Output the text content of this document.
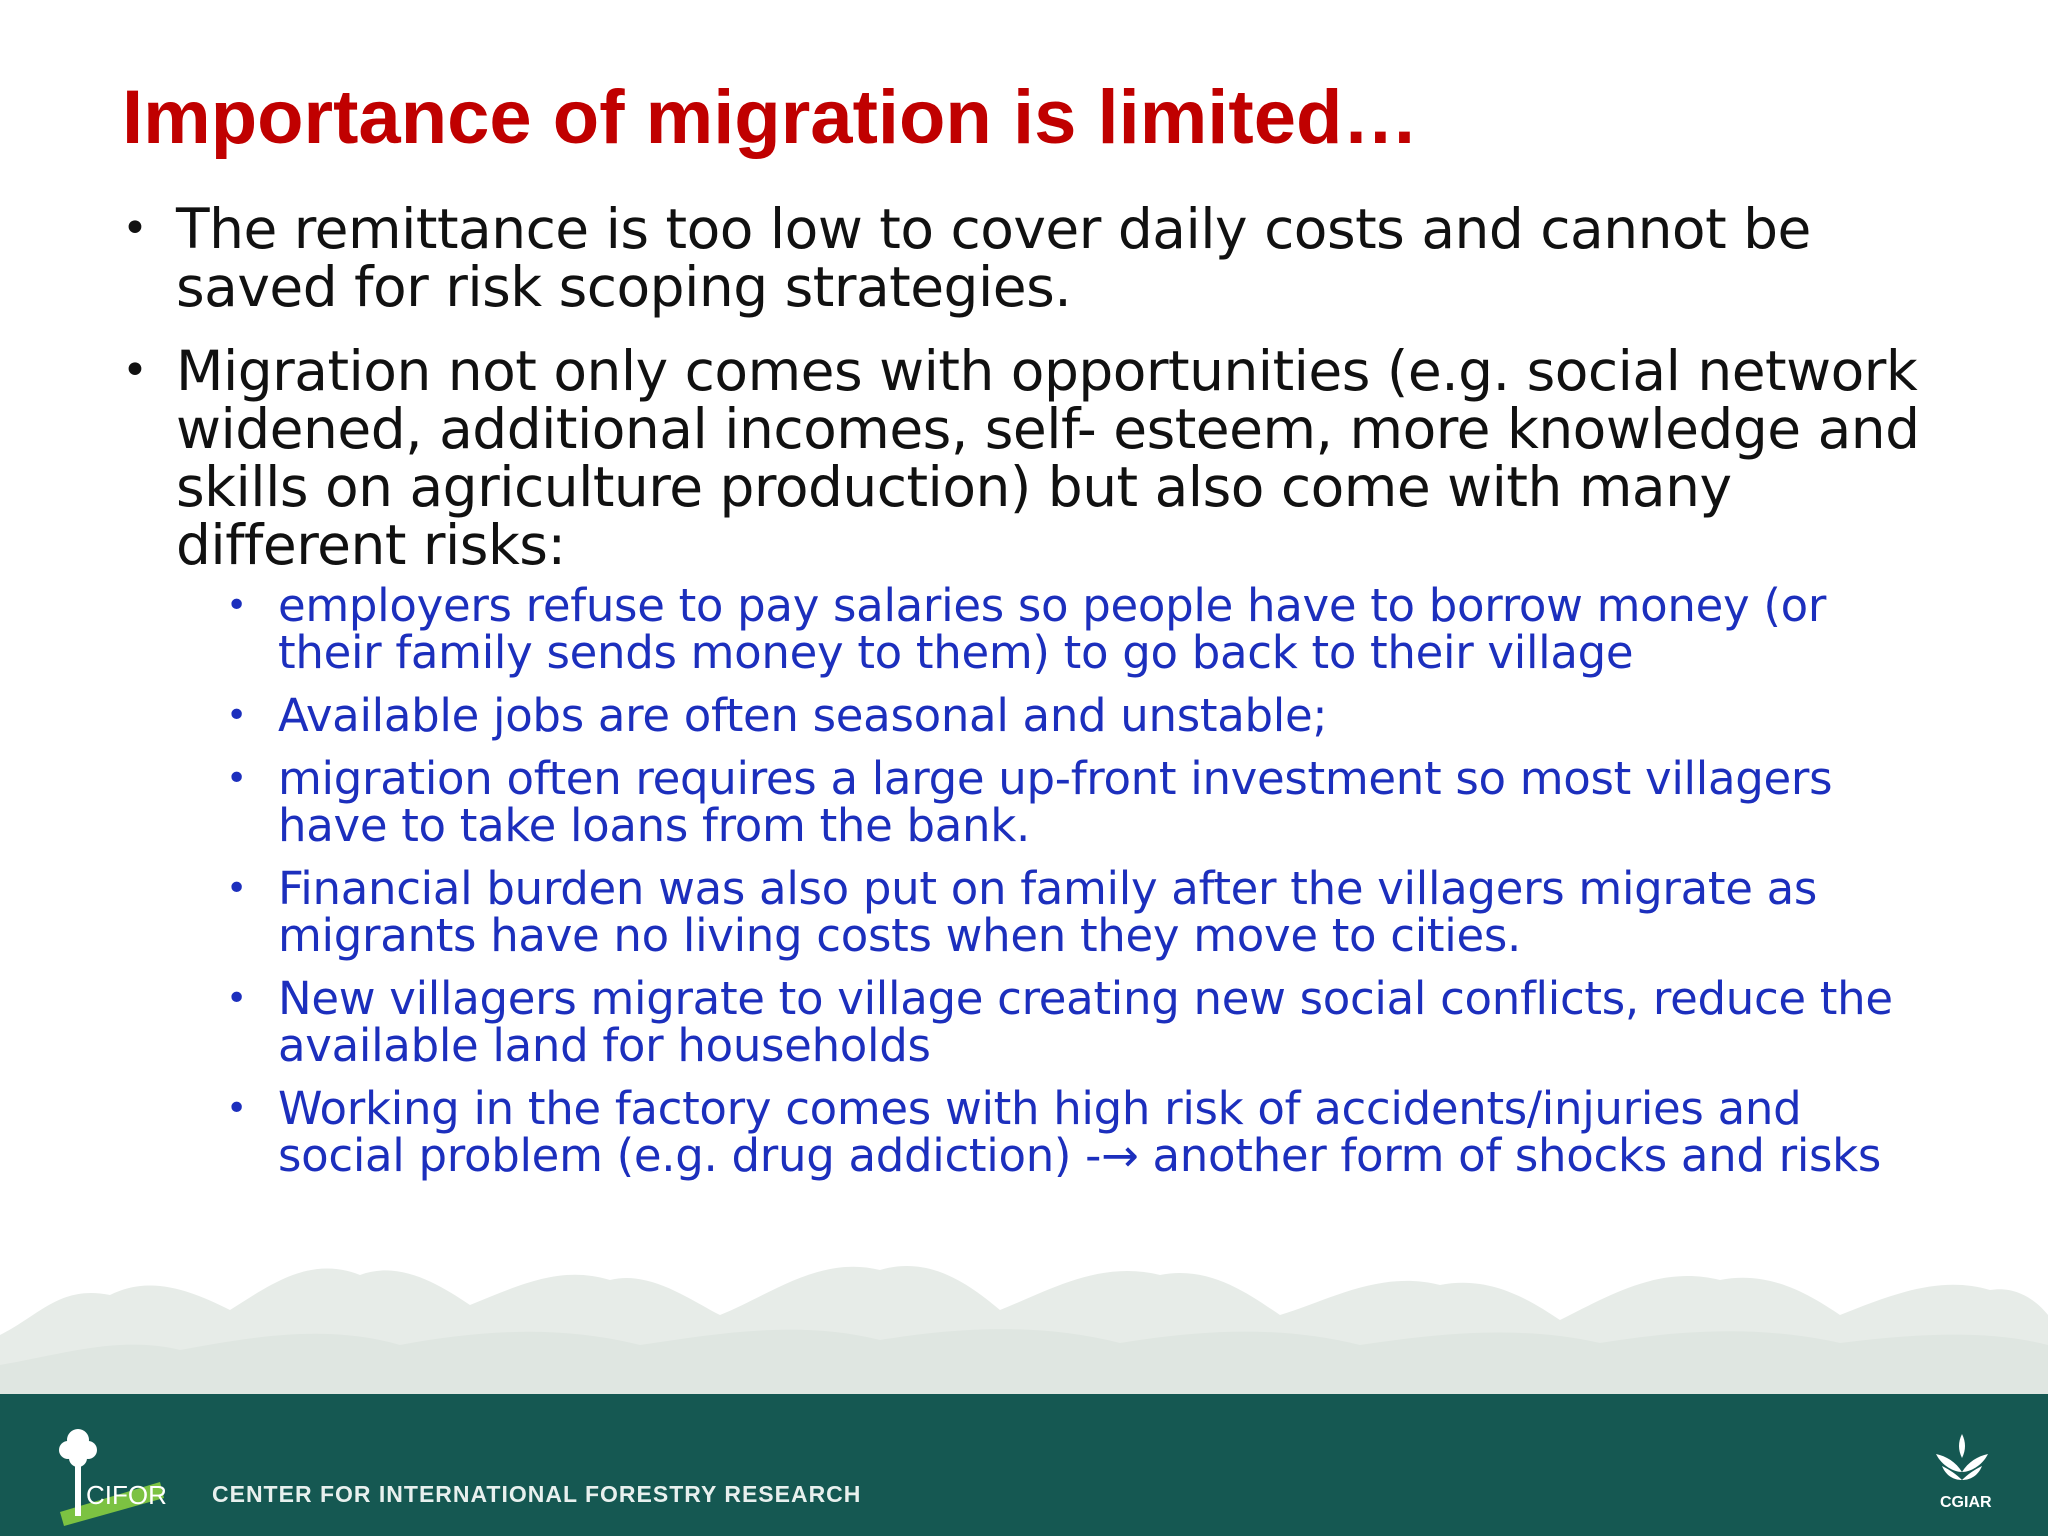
Importance of migration is limited…
• The remittance is too low to cover daily costs and cannot be saved for risk scoping strategies.
• Migration not only comes with opportunities (e.g. social network widened, additional incomes, self- esteem, more knowledge and skills on agriculture production) but also come with many different risks:
• employers refuse to pay salaries so people have to borrow money (or their family sends money to them) to go back to their village
• Available jobs are often seasonal and unstable;
• migration often requires a large up-front investment so most villagers have to take loans from the bank.
• Financial burden was also put on family after the villagers migrate as migrants have no living costs when they move to cities.
• New villagers migrate to village creating new social conflicts, reduce the available land for households
• Working in the factory comes with high risk of accidents/injuries and social problem (e.g. drug addiction) -→ another form of shocks and risks
CIFOR CENTER FOR INTERNATIONAL FORESTRY RESEARCH	CGIAR
